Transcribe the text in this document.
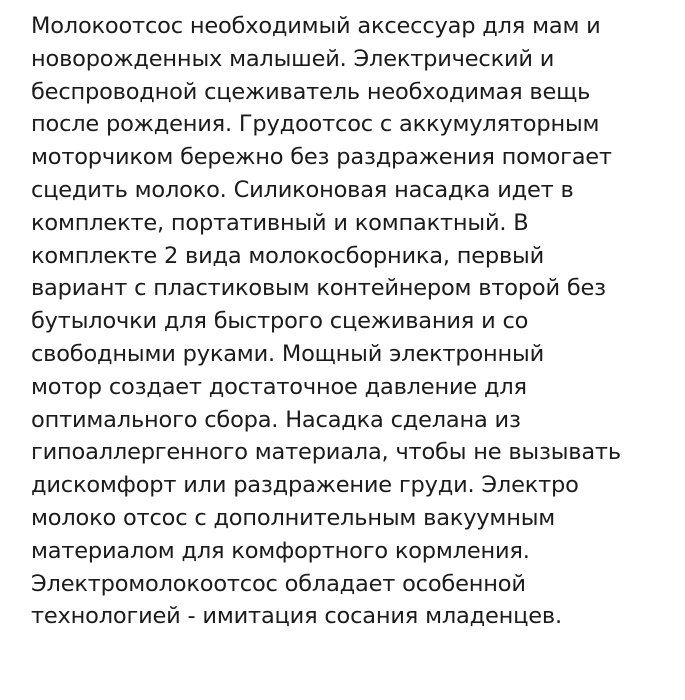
Молокоотсос необходимый аксессуар для мам и
новорожденных малышей. Электрический и
беспроводной сцеживатель необходимая вещь
после рождения. Грудоотсос с аккумуляторным
моторчиком бережно без раздражения помогает
сцедить молоко. Силиконовая насадка идет в
комплекте, портативный и компактный. В
комплекте 2 вида молокосборника, первый
вариант с пластиковым контейнером второй без
бутылочки для быстрого сцеживания и со
свободными руками. Мощный электронный
мотор создает достаточное давление для
оптимального сбора. Насадка сделана из
гипоаллергенного материала, чтобы не вызывать
дискомфорт или раздражение груди. Электро
молоко отсос с дополнительным вакуумным
материалом для комфортного кормления.
Электромолокоотсос обладает особенной
технологией - имитация сосания младенцев.
